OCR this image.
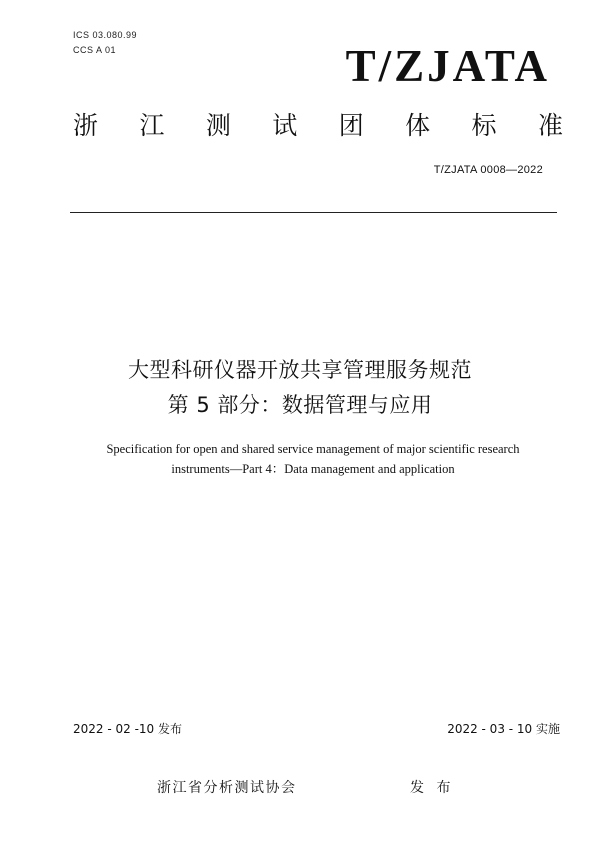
ICS 03.080.99
CCS A 01	T/ZJATA
浙 江 测 试 团 体 标 准
T/ZJATA 0008—2022
大型科研仪器开放共享管理服务规范
第 5 部分：数据管理与应用
Specification for open and shared service management of major scientific research
instruments—Part 4：Data management and application
2022 - 02 -10 发布	2022 - 03 - 10 实施
浙江省分析测试协会	发 布
